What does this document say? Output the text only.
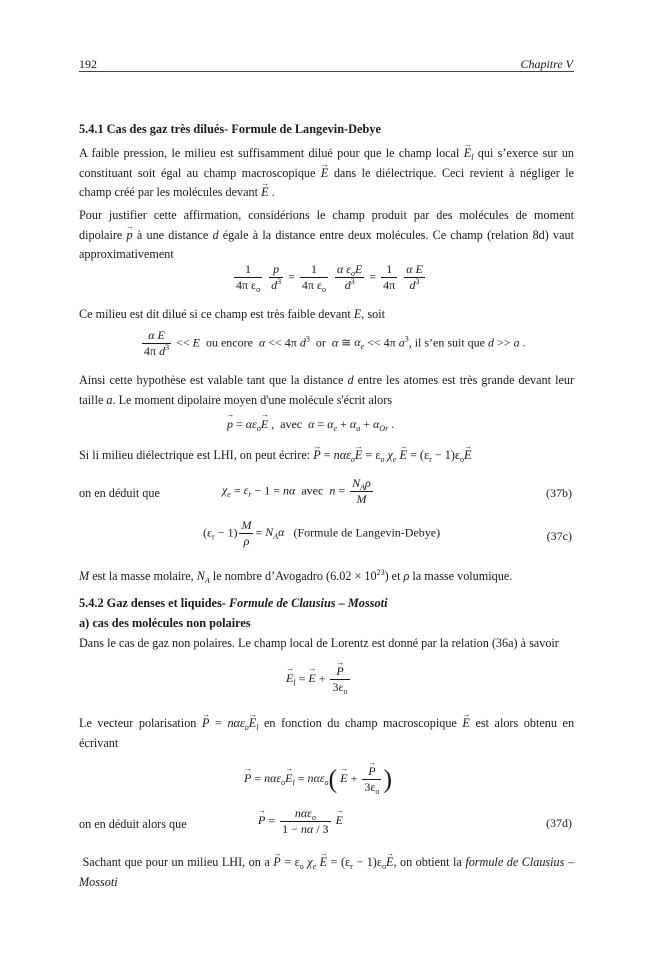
192	Chapitre V
5.4.1 Cas des gaz très dilués- Formule de Langevin-Debye
A faible pression, le milieu est suffisamment dilué pour que le champ local → $E_l$ qui s’exerce sur un constituant soit égal au champ macroscopique → E dans le diélectrique. Ceci revient à négliger le champ créé par les molécules devant → E .
Pour justifier cette affirmation, considérions le champ produit par des molécules de moment dipolaire → p à une distance d égale à la distance entre deux molécules. Ce champ (relation 8d) vaut approximativement
$\frac{1}{4\pi \varepsilon_o}$
$\frac{p}{d^3} = \frac{1}{4\pi \varepsilon_o}$
$\frac{\alpha \varepsilon_oE}{d^3} = \frac{1}{4\pi}$
$\frac{\text{α E}}{d^3}$
Ce milieu est dit dilué si ce champ est très faible devant E, soit
$\frac{\text{α E}}{4\pi d^3} << E$ ou encore α << 4π $d^3$ or α ≅ $\alpha_e << 4\pi$ $a^3$, il s’en suit que d >> a .
Ainsi cette hypothèse est valable tant que la distance d entre les atomes est très grande devant leur taille a. Le moment dipolaire moyen d'une molécule s'écrit alors
→ $p = \alpha\varepsilon_o\to E$ ,  avec $\alpha = \alpha_e + \alpha_a + \alpha_{Or}$ .
Si li milieu diélectrique est LHI, on peut écrire: → $P = n\alpha\varepsilon_o\to E = \varepsilon_o$ $\chi_e \to E = (\varepsilon_r - 1)\varepsilon_o\to E$
on en déduit que	$\chi_e = \varepsilon_r - 1 = n\alpha$ avec $n = \frac{N_A\rho}{M}$	(37b)
$(\varepsilon_r - 1) \frac{M}{\rho} = N_A\alpha$ (Formule de Langevin-Debye)	(37c)
M est la masse molaire, $N_A$ le nombre d’Avogadro $(6.02 \times 10^{23})$ et ρ la masse volumique.
5.4.2 Gaz denses et liquides- Formule de Clausius – Mossoti
a) cas des molécules non polaires
Dans le cas de gaz non polaires. Le champ local de Lorentz est donné par la relation (36a) à savoir
→ $E_l$ = → E +
→ $\frac{P}{3\varepsilon_o}$
Le vecteur polarisation → $P = n\alpha\varepsilon_o\to E_l$ en fonction du champ macroscopique → E est alors obtenu en écrivant
→ $P = n\alpha\varepsilon_o\to E_l = n\alpha\varepsilon_o( \to E$ +
→ $\frac{P}{3\varepsilon_o}$ )
on en déduit alors que
→	$P = \frac{n\alpha\varepsilon_o}{1 - n\alpha / 3}$
→ E	(37d)
Sachant que pour un milieu LHI, on $a \to P = \varepsilon_o$ $\chi_e \to E = (\varepsilon_r - 1)\varepsilon_o\to E$, on obtient la formule de Clausius – Mossoti
